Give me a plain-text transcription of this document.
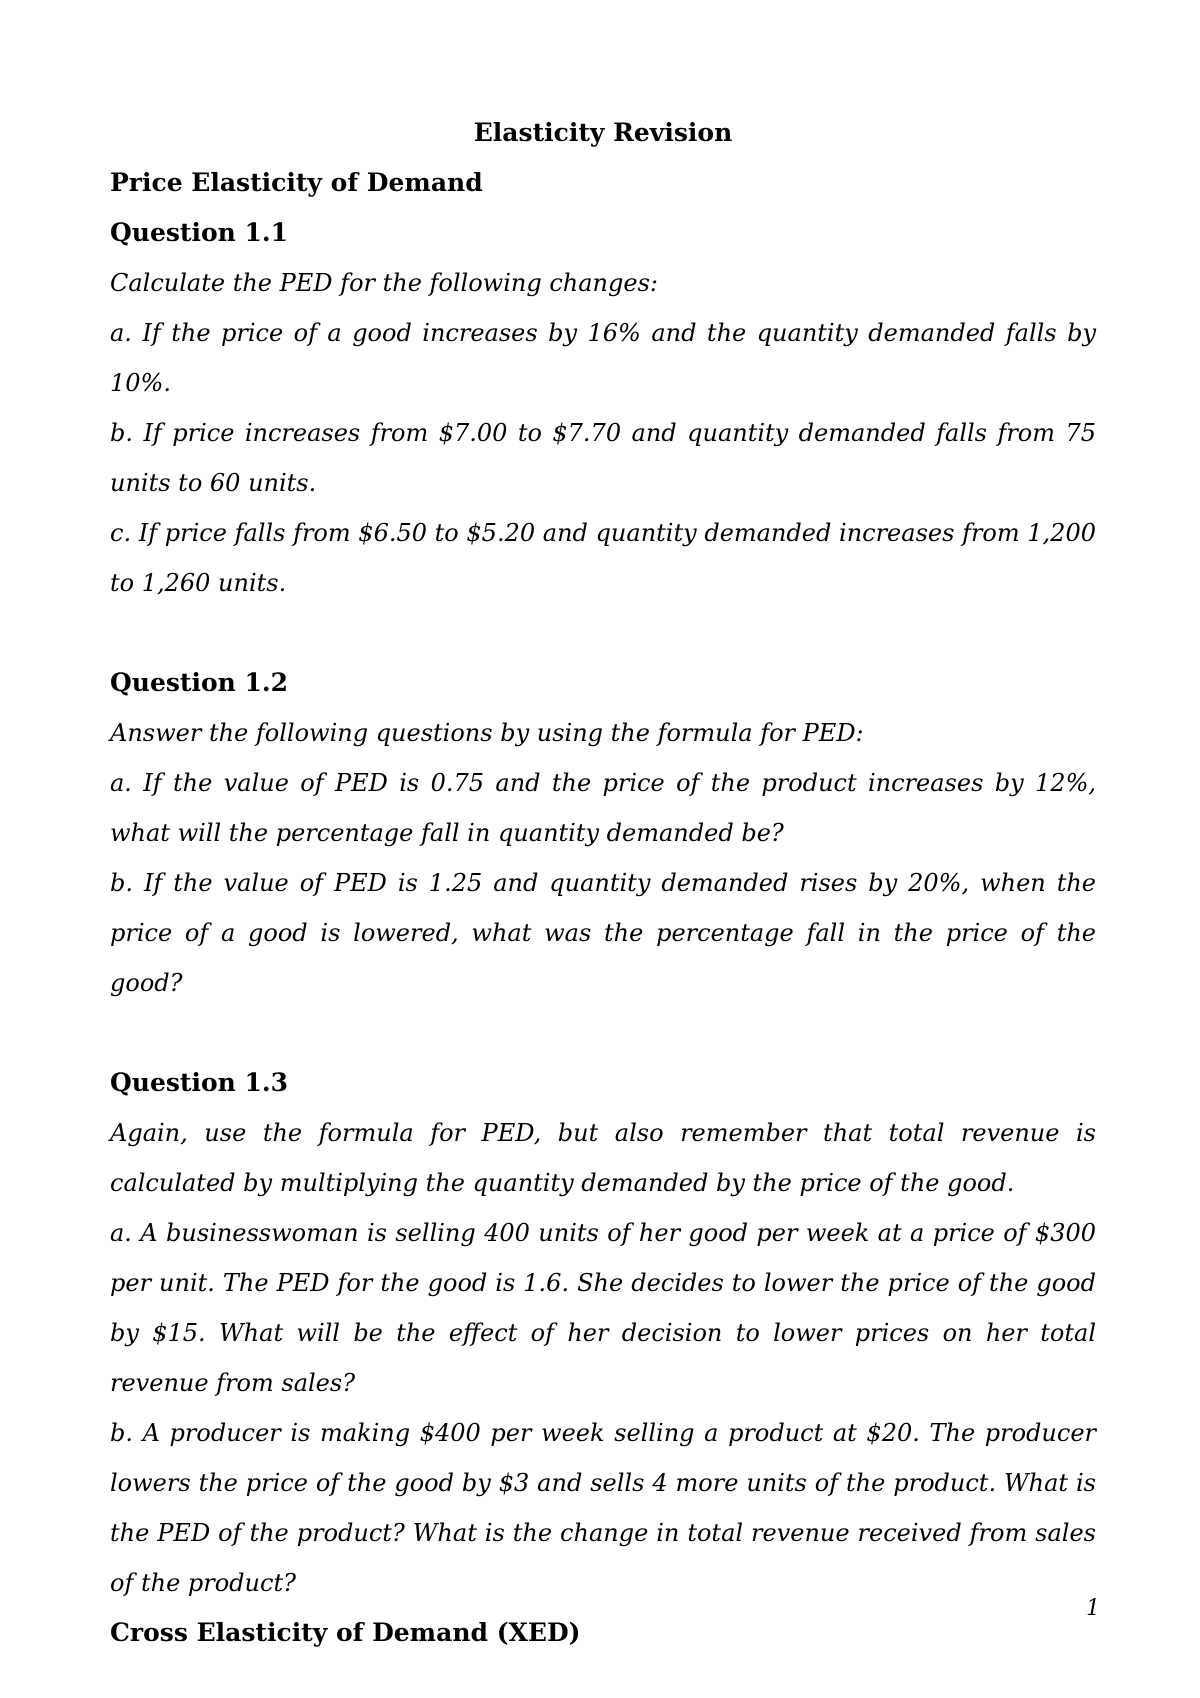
Elasticity Revision

Price Elasticity of Demand

Question 1.1

Calculate the PED for the following changes:

a. If the price of a good increases by 16% and the quantity demanded falls by 10%.

b. If price increases from $7.00 to $7.70 and quantity demanded falls from 75 units to 60 units.

c. If price falls from $6.50 to $5.20 and quantity demanded increases from 1,200 to 1,260 units.

Question 1.2

Answer the following questions by using the formula for PED:

a. If the value of PED is 0.75 and the price of the product increases by 12%, what will the percentage fall in quantity demanded be?

b. If the value of PED is 1.25 and quantity demanded rises by 20%, when the price of a good is lowered, what was the percentage fall in the price of the good?

Question 1.3

Again, use the formula for PED, but also remember that total revenue is calculated by multiplying the quantity demanded by the price of the good.

a. A businesswoman is selling 400 units of her good per week at a price of $300 per unit. The PED for the good is 1.6. She decides to lower the price of the good by $15. What will be the effect of her decision to lower prices on her total revenue from sales?

b. A producer is making $400 per week selling a product at $20. The producer lowers the price of the good by $3 and sells 4 more units of the product. What is the PED of the product? What is the change in total revenue received from sales of the product?

Cross Elasticity of Demand (XED)

1
